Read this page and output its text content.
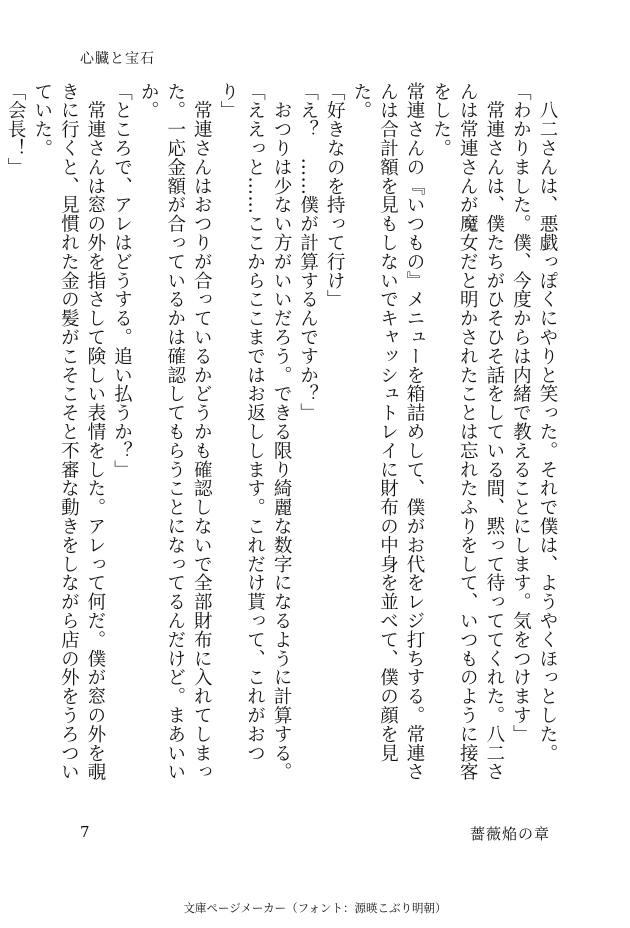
心臓と宝石

　八二さんは、悪戯っぽくにやりと笑った。それで僕は、ようやくほっとした。

「わかりました。僕、今度からは内緒で教えることにします。気をつけます」

　常連さんは、僕たちがひそひそ話をしている間、黙って待っててくれた。八二さんは常連さんが魔女だと明かされたことは忘れたふりをして、いつものように接客をした。

常連さんの『いつもの』メニューを箱詰めして、僕がお代をレジ打ちする。常連さんは合計額を見もしないでキャッシュトレイに財布の中身を並べて、僕の顔を見た。

「好きなのを持って行け」

「え？　……僕が計算するんですか？」

　おつりは少ない方がいいだろう。できる限り綺麗な数字になるように計算する。

「ええっと……ここからここまではお返しします。これだけ貰って、これがおつり」

　常連さんはおつりが合っているかどうかも確認しないで全部財布に入れてしまった。一応金額が合っているかは確認してもらうことになってるんだけど。まあいいか。

「ところで、アレはどうする。追い払うか？」

　常連さんは窓の外を指さして険しい表情をした。アレって何だ。僕が窓の外を覗きに行くと、見慣れた金の髪がこそこそと不審な動きをしながら店の外をうろついていた。

「会長！」

7	薔薇焔の章
文庫ページメーカー（フォント：源暎こぶり明朝）
